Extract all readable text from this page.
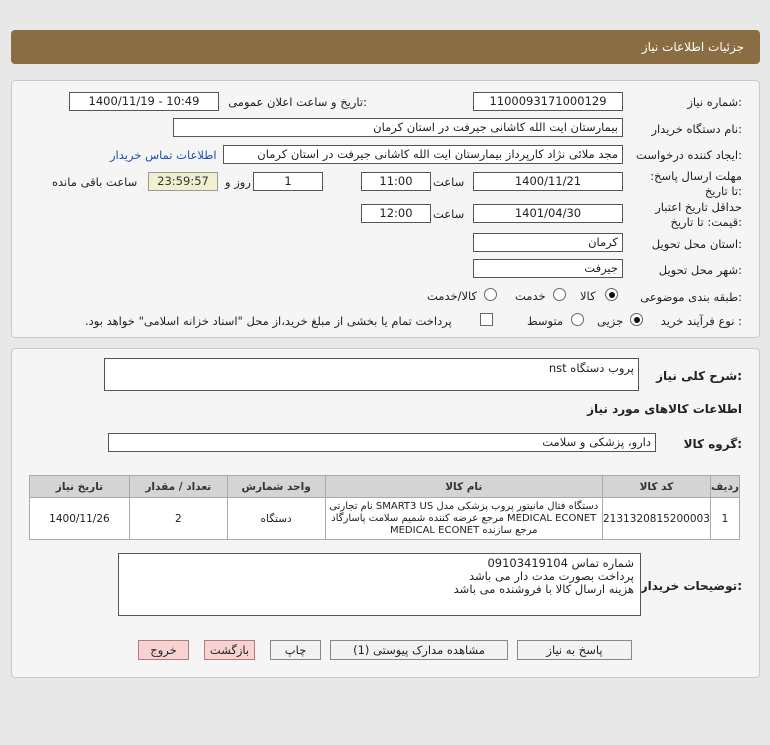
جزئیات اطلاعات نیاز
شماره نیاز:
1100093171000129
تاریخ و ساعت اعلان عمومی:
1400/11/19 - 10:49
نام دستگاه خریدار:
بیمارستان ایت الله کاشانی جیرفت در استان کرمان
ایجاد کننده درخواست:
مجد ملائی نژاد کارپرداز بیمارستان ایت الله کاشانی جیرفت در استان کرمان
اطلاعات تماس خریدار
مهلت ارسال پاسخ: تا تاریخ:
1400/11/21
ساعت
11:00
1
روز و
23:59:57
ساعت باقی مانده
حداقل تاریخ اعتبار قیمت: تا تاریخ:
1401/04/30
ساعت
12:00
استان محل تحویل:
کرمان
شهر محل تحویل:
جیرفت
طبقه بندی موضوعی:
کالا
خدمت
کالا/خدمت
نوع فرآیند خرید :
جزیی
متوسط
پرداخت تمام یا بخشی از مبلغ خرید،از محل "اسناد خزانه اسلامی" خواهد بود.
شرح کلی نیاز:
پروب دستگاه nst
اطلاعات کالاهای مورد نیاز
گروه کالا:
دارو، پزشکی و سلامت
تاریخ نیاز	تعداد / مقدار	واحد شمارش	نام کالا	کد کالا	ردیف
1400/11/26	2	دستگاه	دستگاه فتال مانیتور پروب پزشکی مدل SMART3 US نام تجارتی MEDICAL ECONET مرجع عرضه کننده شمیم سلامت پاسارگاد مرجع سازنده MEDICAL ECONET	2131320815200003	1
توضیحات خریدار:
شماره تماس 09103419104
پرداخت بصورت مدت دار می باشد
هزینه ارسال کالا با فروشنده می باشد
پاسخ به نیاز
مشاهده مدارک پیوستی (1)
چاپ
بازگشت
خروج
